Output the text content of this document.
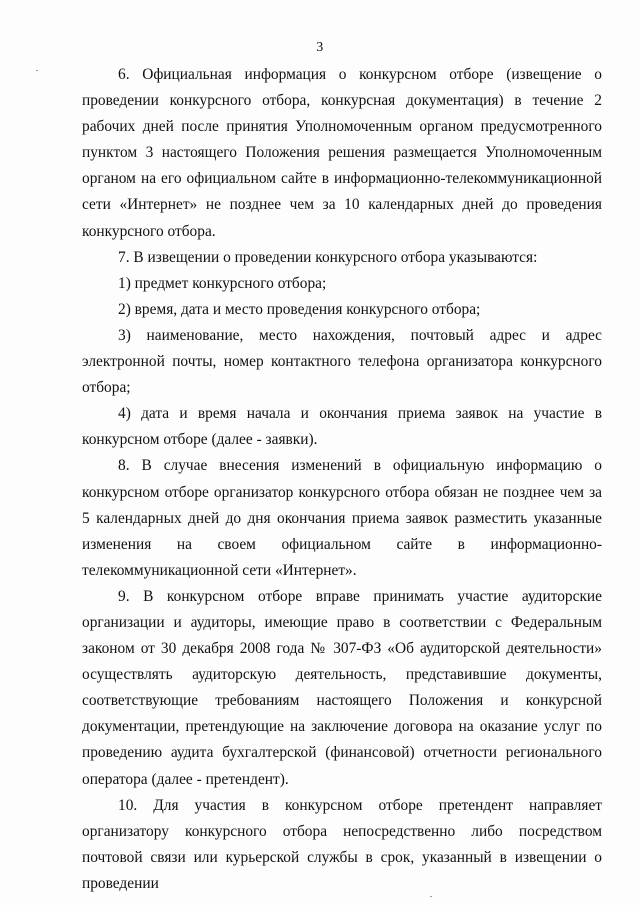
3

6. Официальная информация о конкурсном отборе (извещение о проведении конкурсного отбора, конкурсная документация) в течение 2 рабочих дней после принятия Уполномоченным органом предусмотренного пунктом 3 настоящего Положения решения размещается Уполномоченным органом на его официальном сайте в информационно-телекоммуникационной сети «Интернет» не позднее чем за 10 календарных дней до проведения конкурсного отбора.

7. В извещении о проведении конкурсного отбора указываются:

1) предмет конкурсного отбора;

2) время, дата и место проведения конкурсного отбора;

3) наименование, место нахождения, почтовый адрес и адрес электронной почты, номер контактного телефона организатора конкурсного отбора;

4) дата и время начала и окончания приема заявок на участие в конкурсном отборе (далее - заявки).

8. В случае внесения изменений в официальную информацию о конкурсном отборе организатор конкурсного отбора обязан не позднее чем за 5 календарных дней до дня окончания приема заявок разместить указанные изменения на своем официальном сайте в информационно-телекоммуникационной сети «Интернет».

9. В конкурсном отборе вправе принимать участие аудиторские организации и аудиторы, имеющие право в соответствии с Федеральным законом от 30 декабря 2008 года № 307-ФЗ «Об аудиторской деятельности» осуществлять аудиторскую деятельность, представившие документы, соответствующие требованиям настоящего Положения и конкурсной документации, претендующие на заключение договора на оказание услуг по проведению аудита бухгалтерской (финансовой) отчетности регионального оператора (далее - претендент).

10. Для участия в конкурсном отборе претендент направляет организатору конкурсного отбора непосредственно либо посредством почтовой связи или курьерской службы в срок, указанный в извещении о проведении
